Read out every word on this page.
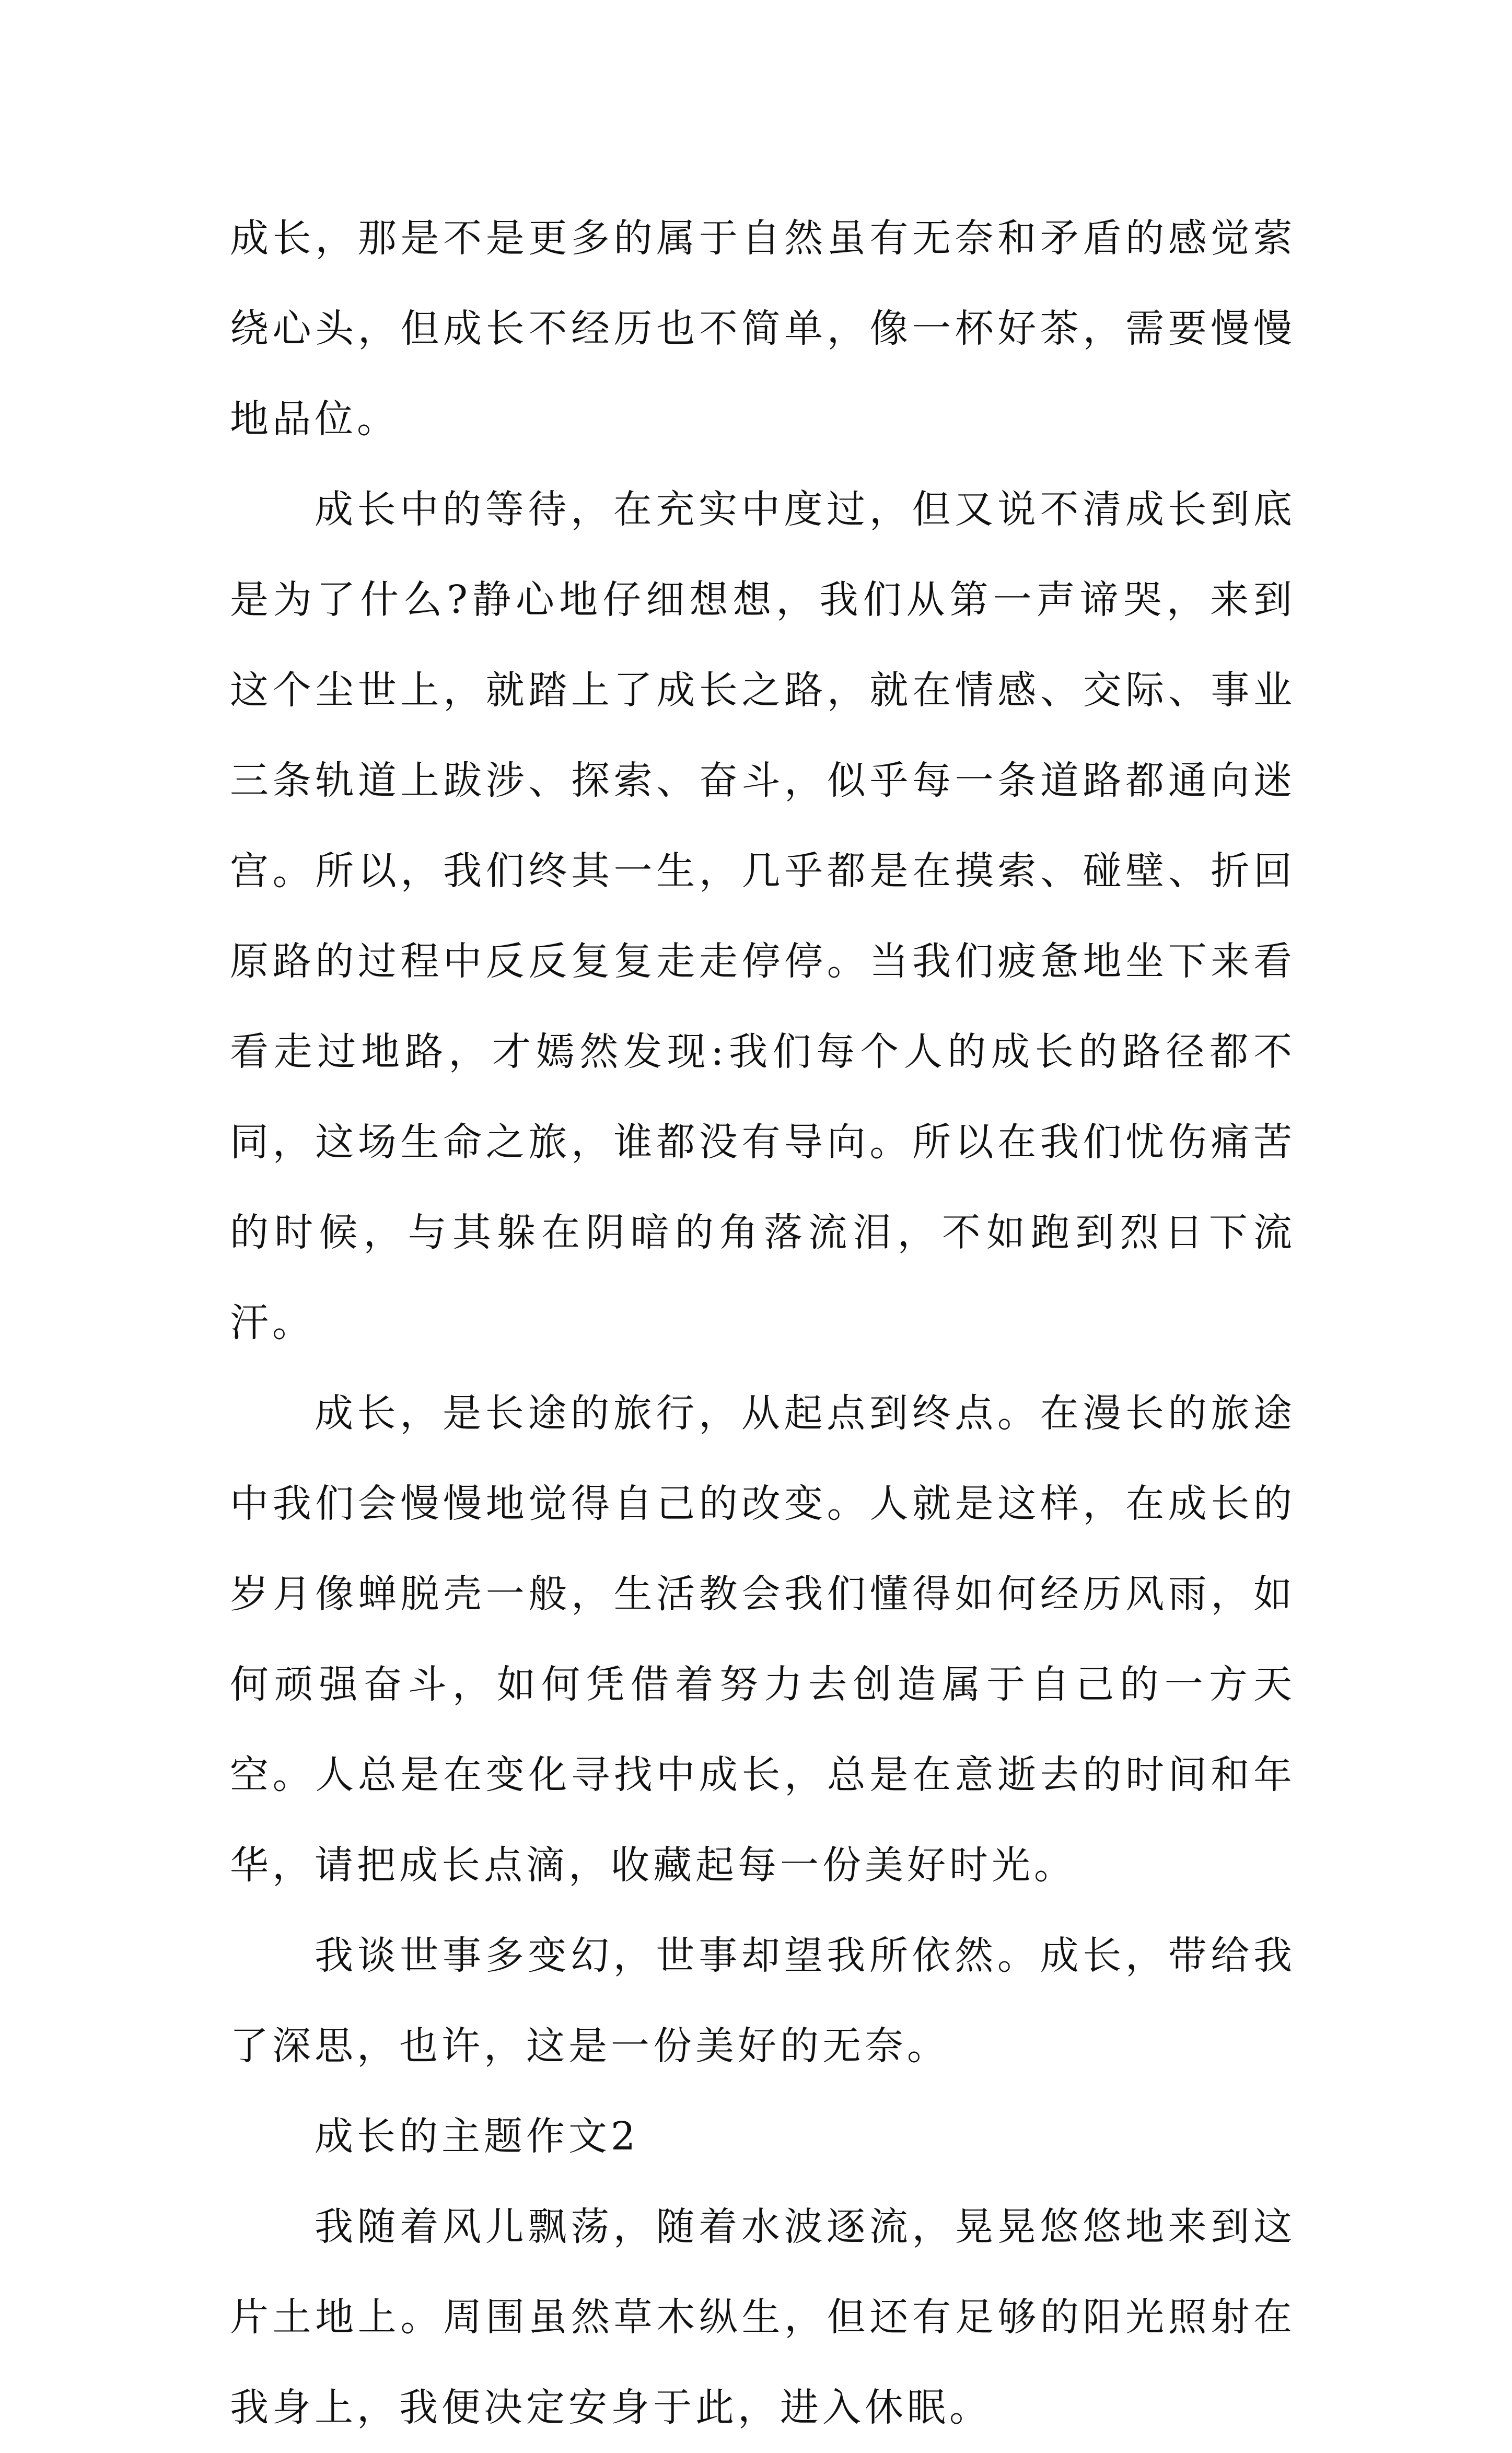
成长，那是不是更多的属于自然虽有无奈和矛盾的感觉萦绕心头，但成长不经历也不简单，像一杯好茶，需要慢慢地品位。

成长中的等待，在充实中度过，但又说不清成长到底是为了什么?静心地仔细想想，我们从第一声谛哭，来到这个尘世上，就踏上了成长之路，就在情感、交际、事业三条轨道上跋涉、探索、奋斗，似乎每一条道路都通向迷宫。所以，我们终其一生，几乎都是在摸索、碰壁、折回原路的过程中反反复复走走停停。当我们疲惫地坐下来看看走过地路，才嫣然发现:我们每个人的成长的路径都不同，这场生命之旅，谁都没有导向。所以在我们忧伤痛苦的时候，与其躲在阴暗的角落流泪，不如跑到烈日下流汗。

成长，是长途的旅行，从起点到终点。在漫长的旅途中我们会慢慢地觉得自己的改变。人就是这样，在成长的岁月像蝉脱壳一般，生活教会我们懂得如何经历风雨，如何顽强奋斗，如何凭借着努力去创造属于自己的一方天空。人总是在变化寻找中成长，总是在意逝去的时间和年华，请把成长点滴，收藏起每一份美好时光。

我谈世事多变幻，世事却望我所依然。成长，带给我了深思，也许，这是一份美好的无奈。

成长的主题作文2

我随着风儿飘荡，随着水波逐流，晃晃悠悠地来到这片土地上。周围虽然草木纵生，但还有足够的阳光照射在我身上，我便决定安身于此，进入休眠。
